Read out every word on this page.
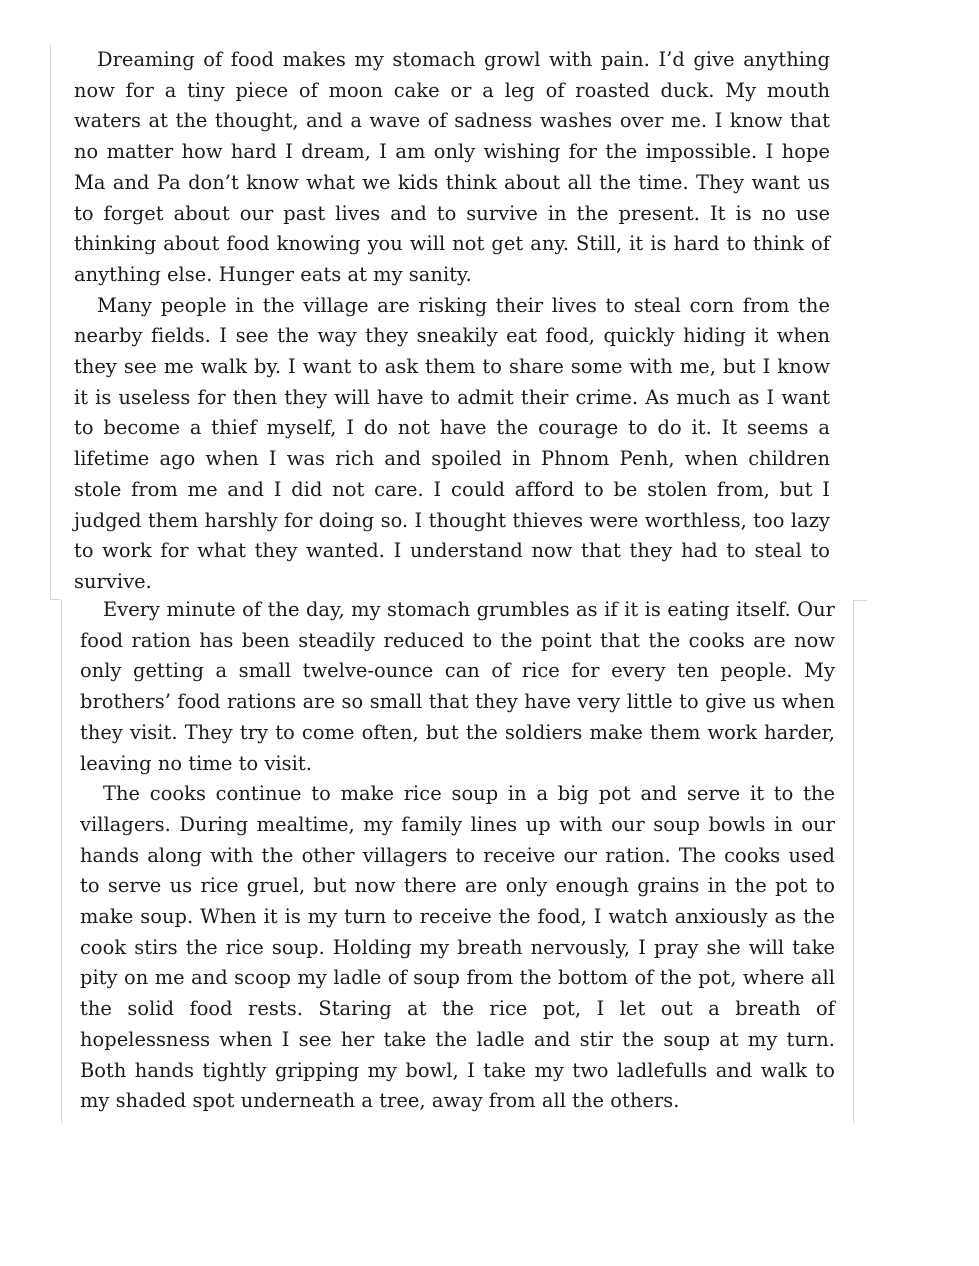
Dreaming of food makes my stomach growl with pain. I’d give anything now for a tiny piece of moon cake or a leg of roasted duck. My mouth waters at the thought, and a wave of sadness washes over me. I know that no matter how hard I dream, I am only wishing for the impossible. I hope Ma and Pa don’t know what we kids think about all the time. They want us to forget about our past lives and to survive in the present. It is no use thinking about food knowing you will not get any. Still, it is hard to think of anything else. Hunger eats at my sanity.

Many people in the village are risking their lives to steal corn from the nearby fields. I see the way they sneakily eat food, quickly hiding it when they see me walk by. I want to ask them to share some with me, but I know it is useless for then they will have to admit their crime. As much as I want to become a thief myself, I do not have the courage to do it. It seems a lifetime ago when I was rich and spoiled in Phnom Penh, when children stole from me and I did not care. I could afford to be stolen from, but I judged them harshly for doing so. I thought thieves were worthless, too lazy to work for what they wanted. I understand now that they had to steal to survive.

Every minute of the day, my stomach grumbles as if it is eating itself. Our food ration has been steadily reduced to the point that the cooks are now only getting a small twelve-ounce can of rice for every ten people. My brothers’ food rations are so small that they have very little to give us when they visit. They try to come often, but the soldiers make them work harder, leaving no time to visit.

The cooks continue to make rice soup in a big pot and serve it to the villagers. During mealtime, my family lines up with our soup bowls in our hands along with the other villagers to receive our ration. The cooks used to serve us rice gruel, but now there are only enough grains in the pot to make soup. When it is my turn to receive the food, I watch anxiously as the cook stirs the rice soup. Holding my breath nervously, I pray she will take pity on me and scoop my ladle of soup from the bottom of the pot, where all the solid food rests. Staring at the rice pot, I let out a breath of hopelessness when I see her take the ladle and stir the soup at my turn. Both hands tightly gripping my bowl, I take my two ladlefulls and walk to my shaded spot underneath a tree, away from all the others.
